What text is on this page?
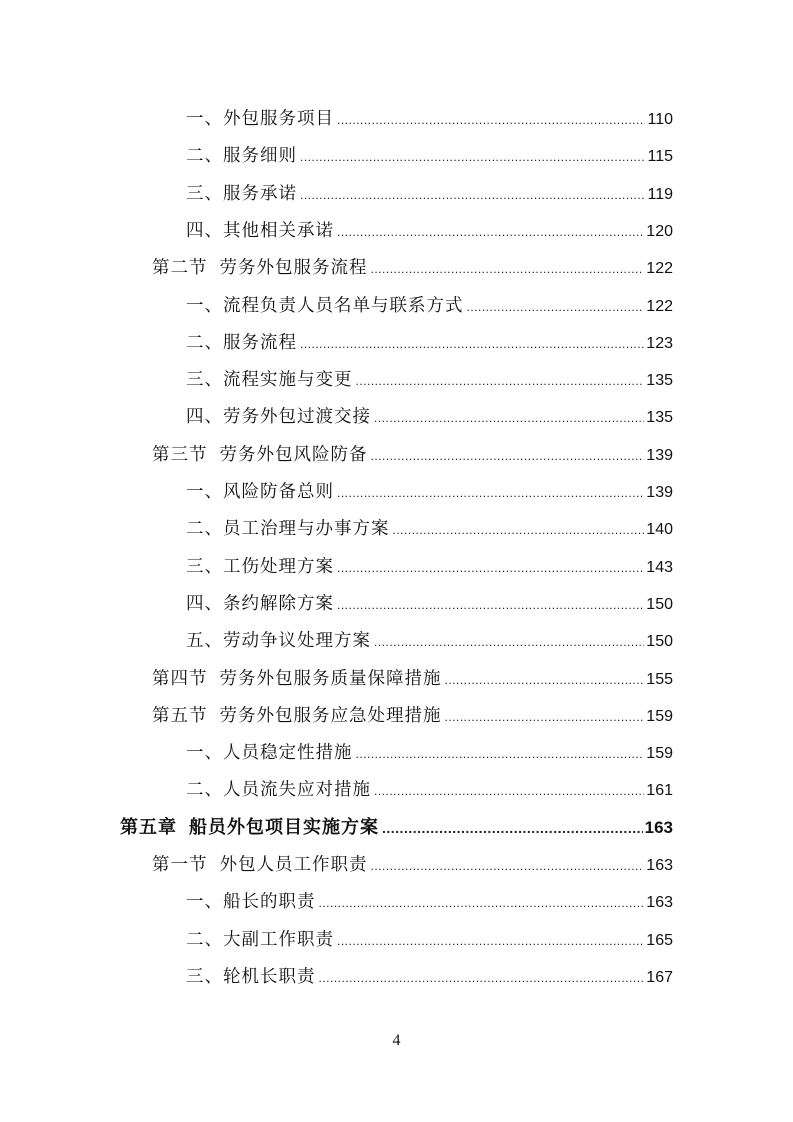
一、外包服务项目 .....	110
二、服务细则 .....	115
三、服务承诺 .....	119
四、其他相关承诺 .....	120
第二节 劳务外包服务流程 .....	122
一、流程负责人员名单与联系方式 .....	122
二、服务流程 .....	123
三、流程实施与变更 .....	135
四、劳务外包过渡交接 .....	135
第三节 劳务外包风险防备 .....	139
一、风险防备总则 .....	139
二、员工治理与办事方案 .....	140
三、工伤处理方案 .....	143
四、条约解除方案 .....	150
五、劳动争议处理方案 .....	150
第四节 劳务外包服务质量保障措施 .....	155
第五节 劳务外包服务应急处理措施 .....	159
一、人员稳定性措施 .....	159
二、人员流失应对措施 .....	161
第五章 船员外包项目实施方案 .....	163
第一节 外包人员工作职责 .....	163
一、船长的职责 .....	163
二、大副工作职责 .....	165
三、轮机长职责 .....	167
4
